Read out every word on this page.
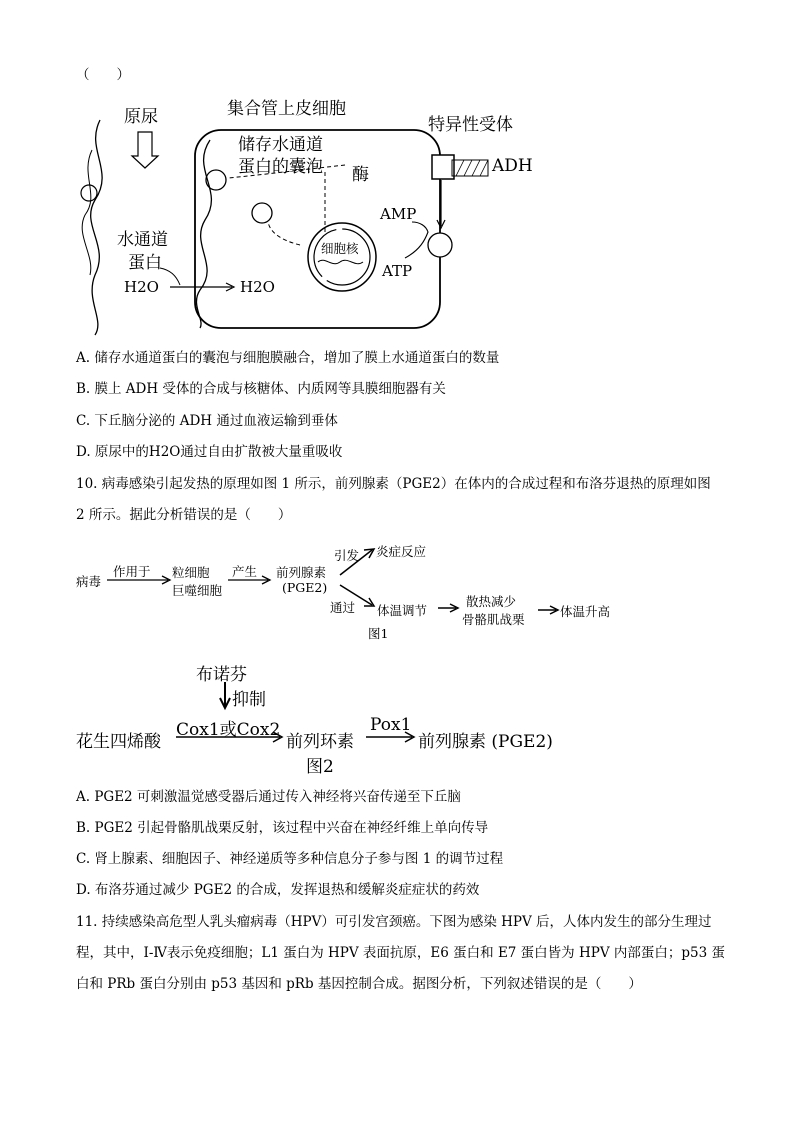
（　　）
原尿	集合管上皮细胞
特异性受体
ADH
储存水通道
蛋白的囊泡 酶
AMP
ATP
细胞核
水通道
蛋白
H2O	H2O
A. 储存水通道蛋白的囊泡与细胞膜融合，增加了膜上水通道蛋白的数量
B. 膜上 ADH 受体的合成与核糖体、内质网等具膜细胞器有关
C. 下丘脑分泌的 ADH 通过血液运输到垂体
D. 原尿中的H2O通过自由扩散被大量重吸收
10. 病毒感染引起发热的原理如图 1 所示，前列腺素（PGE2）在体内的合成过程和布洛芬退热的原理如图
2 所示。据此分析错误的是（　　）
病毒
作用于 粒细胞
巨噬细胞
产生 前列腺素
(PGE2)
引发 炎症反应
通过 体温调节
散热减少
骨骼肌战栗
体温升高
图1
布诺芬
抑制
花生四烯酸
Cox1或Cox2
前列环素
Pox1
前列腺素 (PGE2)
图2
A. PGE2 可刺激温觉感受器后通过传入神经将兴奋传递至下丘脑
B. PGE2 引起骨骼肌战栗反射，该过程中兴奋在神经纤维上单向传导
C. 肾上腺素、细胞因子、神经递质等多种信息分子参与图 1 的调节过程
D. 布洛芬通过减少 PGE2 的合成，发挥退热和缓解炎症症状的药效
11. 持续感染高危型人乳头瘤病毒（HPV）可引发宫颈癌。下图为感染 HPV 后，人体内发生的部分生理过
程，其中，I-Ⅳ表示免疫细胞；L1 蛋白为 HPV 表面抗原，E6 蛋白和 E7 蛋白皆为 HPV 内部蛋白；p53 蛋
白和 PRb 蛋白分别由 p53 基因和 pRb 基因控制合成。据图分析，下列叙述错误的是（　　）
